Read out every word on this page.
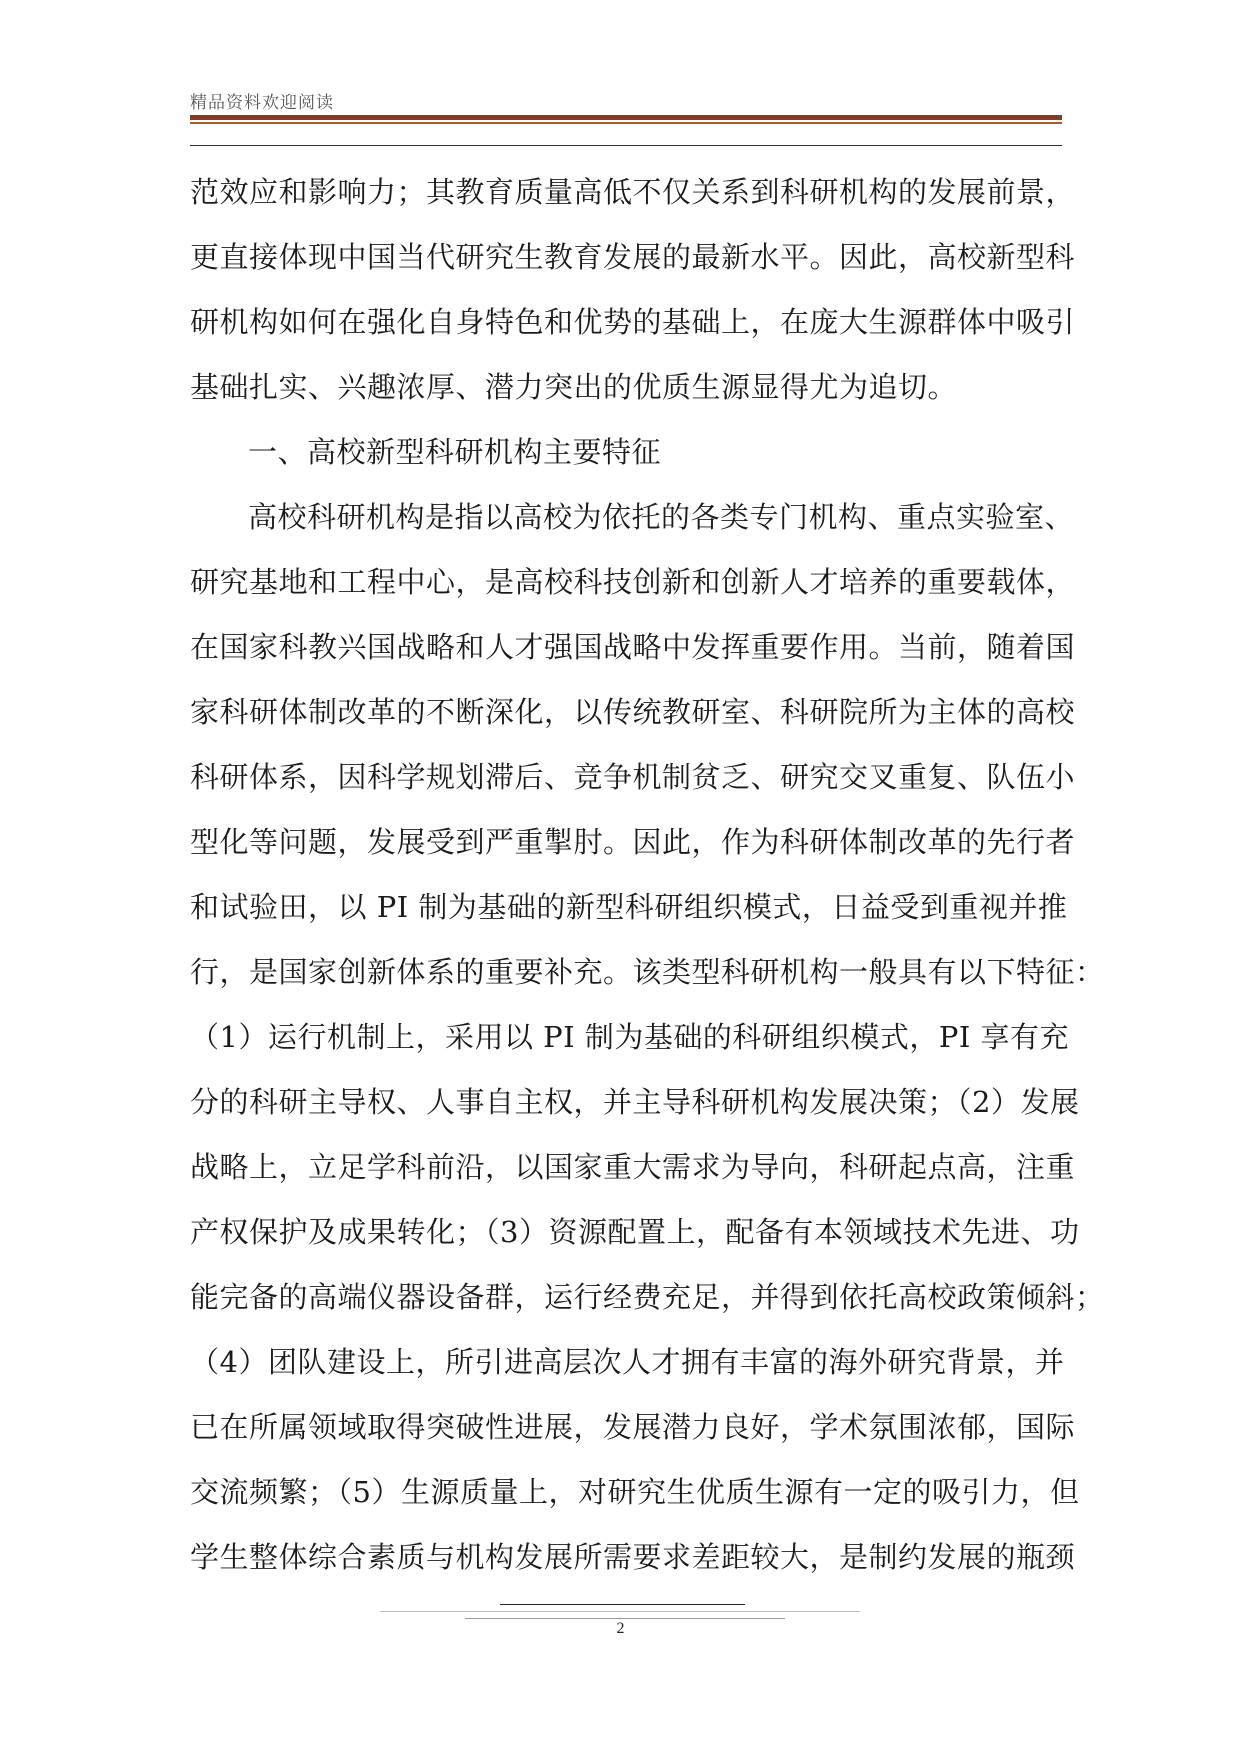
精品资料欢迎阅读
范效应和影响力；其教育质量高低不仅关系到科研机构的发展前景，
更直接体现中国当代研究生教育发展的最新水平。因此，高校新型科
研机构如何在强化自身特色和优势的基础上，在庞大生源群体中吸引
基础扎实、兴趣浓厚、潜力突出的优质生源显得尤为追切。
一、高校新型科研机构主要特征
高校科研机构是指以高校为依托的各类专门机构、重点实验室、
研究基地和工程中心，是高校科技创新和创新人才培养的重要载体，
在国家科教兴国战略和人才强国战略中发挥重要作用。当前，随着国
家科研体制改革的不断深化，以传统教研室、科研院所为主体的高校
科研体系，因科学规划滞后、竞争机制贫乏、研究交叉重复、队伍小
型化等问题，发展受到严重掣肘。因此，作为科研体制改革的先行者
和试验田，以 PI 制为基础的新型科研组织模式，日益受到重视并推
行，是国家创新体系的重要补充。该类型科研机构一般具有以下特征：
（1）运行机制上，采用以 PI 制为基础的科研组织模式，PI 享有充
分的科研主导权、人事自主权，并主导科研机构发展决策；（2）发展
战略上，立足学科前沿，以国家重大需求为导向，科研起点高，注重
产权保护及成果转化；（3）资源配置上，配备有本领域技术先进、功
能完备的高端仪器设备群，运行经费充足，并得到依托高校政策倾斜；
（4）团队建设上，所引进高层次人才拥有丰富的海外研究背景，并
已在所属领域取得突破性进展，发展潜力良好，学术氛围浓郁，国际
交流频繁；（5）生源质量上，对研究生优质生源有一定的吸引力，但
学生整体综合素质与机构发展所需要求差距较大，是制约发展的瓶颈
2
